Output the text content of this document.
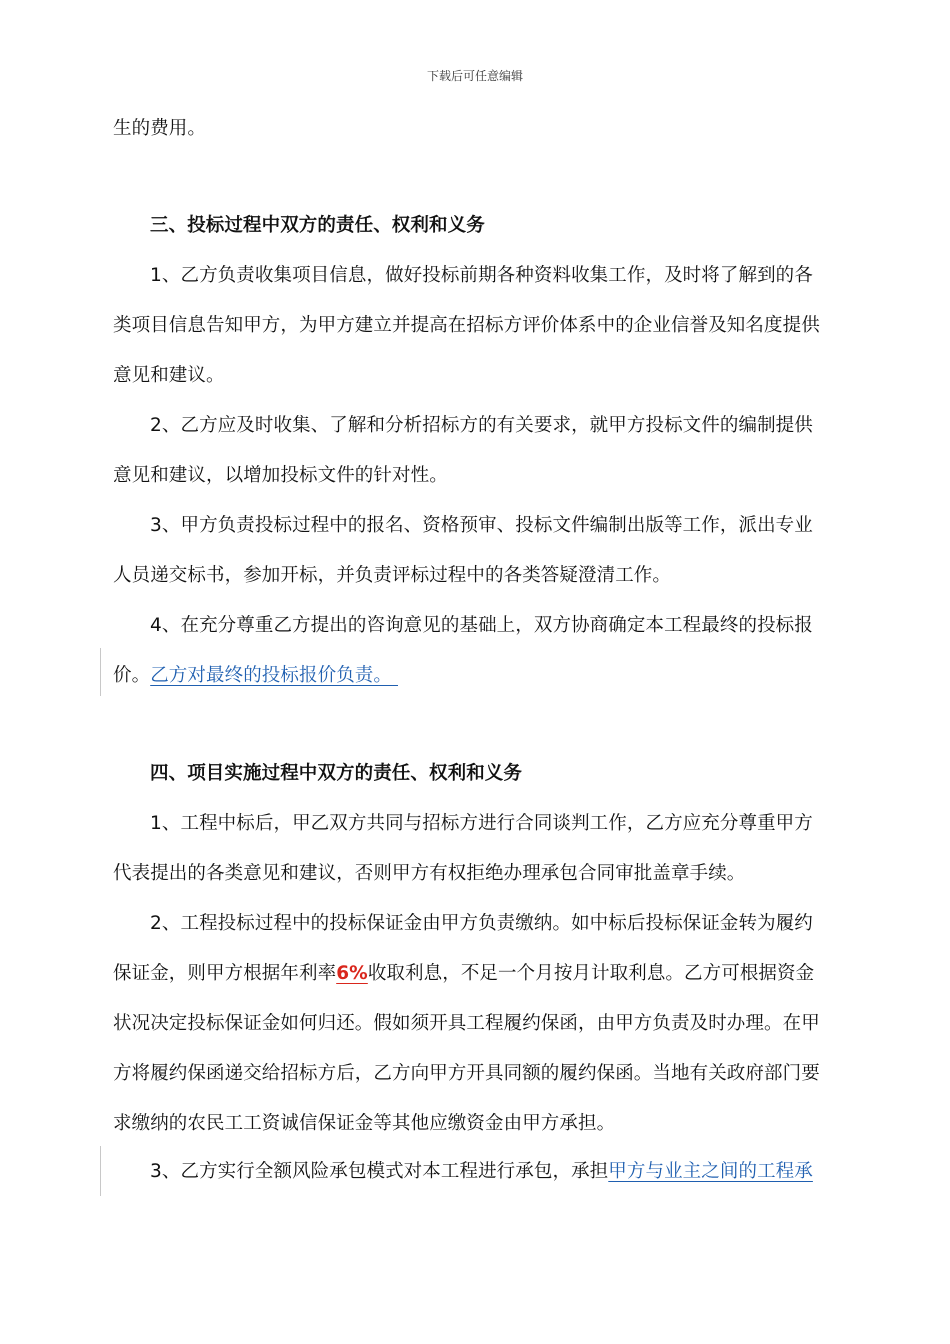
下载后可任意编辑
生的费用。
三、投标过程中双方的责任、权利和义务
1、乙方负责收集项目信息，做好投标前期各种资料收集工作，及时将了解到的各
类项目信息告知甲方，为甲方建立并提高在招标方评价体系中的企业信誉及知名度提供
意见和建议。
2、乙方应及时收集、了解和分析招标方的有关要求，就甲方投标文件的编制提供
意见和建议，以增加投标文件的针对性。
3、甲方负责投标过程中的报名、资格预审、投标文件编制出版等工作，派出专业
人员递交标书，参加开标，并负责评标过程中的各类答疑澄清工作。
4、在充分尊重乙方提出的咨询意见的基础上，双方协商确定本工程最终的投标报
价。乙方对最终的投标报价负责。
四、项目实施过程中双方的责任、权利和义务
1、工程中标后，甲乙双方共同与招标方进行合同谈判工作，乙方应充分尊重甲方
代表提出的各类意见和建议，否则甲方有权拒绝办理承包合同审批盖章手续。
2、工程投标过程中的投标保证金由甲方负责缴纳。如中标后投标保证金转为履约
保证金，则甲方根据年利率6%收取利息，不足一个月按月计取利息。乙方可根据资金
状况决定投标保证金如何归还。假如须开具工程履约保函，由甲方负责及时办理。在甲
方将履约保函递交给招标方后，乙方向甲方开具同额的履约保函。当地有关政府部门要
求缴纳的农民工工资诚信保证金等其他应缴资金由甲方承担。
3、乙方实行全额风险承包模式对本工程进行承包，承担甲方与业主之间的工程承
